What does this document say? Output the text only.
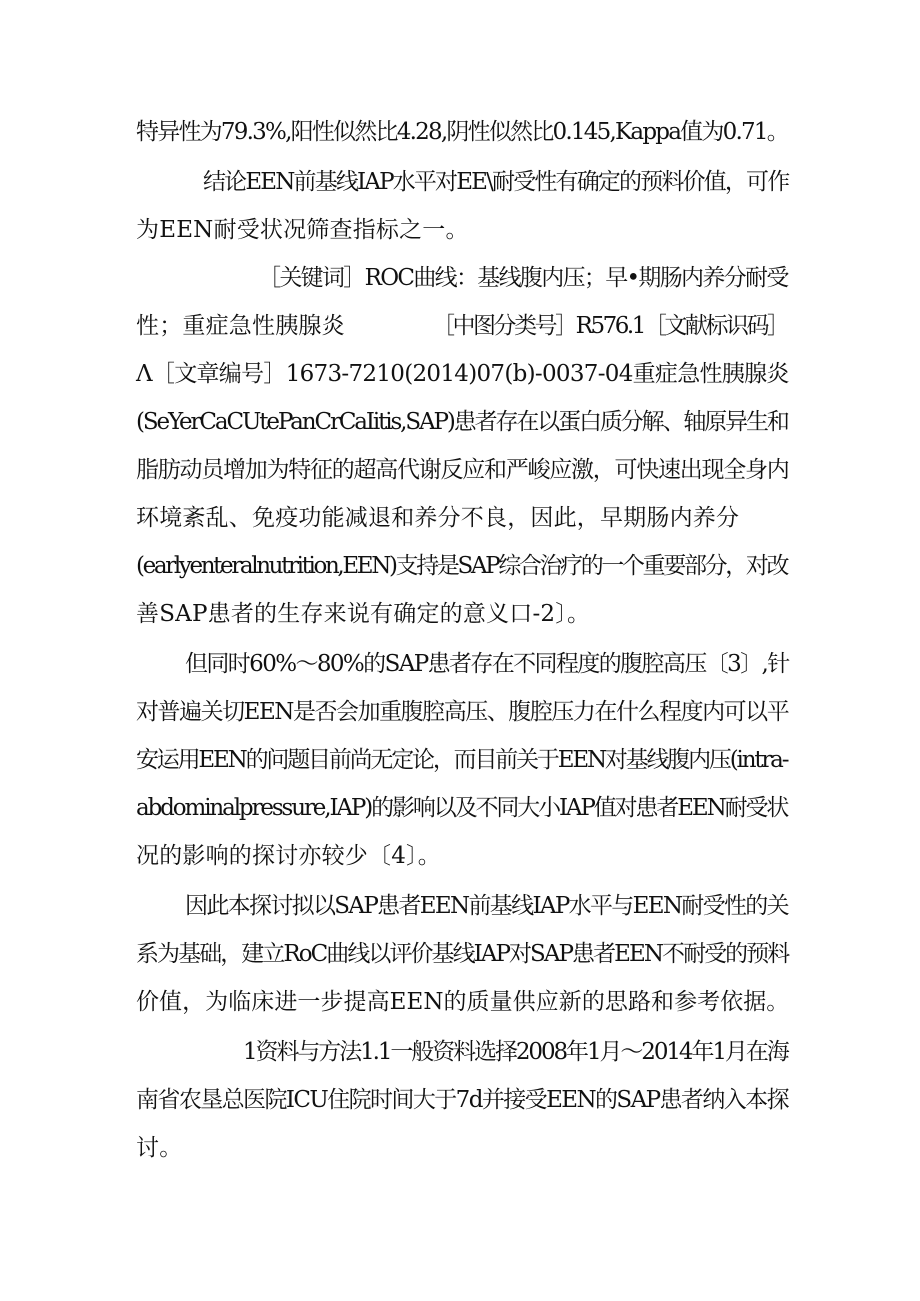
特异性为79.3%,阳性似然比4.28,阴性似然比0.145,Kappa值为0.71。
结论EEN前基线IAP水平对EE\耐受性有确定的预料价值，可作
为EEN耐受状况筛查指标之一。
［关键词］ROC曲线：基线腹内压；早•期肠内养分耐受
性；重症急性胰腺炎	［中图分类号］R576.1［文献标识码］
Λ［文章编号］1673-7210(2014)07(b)-0037-04重症急性胰腺炎
(SeYerCaCUtePanCrCaIitis,SAP)患者存在以蛋白质分解、轴原异生和
脂肪动员增加为特征的超高代谢反应和严峻应激，可快速出现全身内
环境紊乱、免疫功能减退和养分不良，因此，早期肠内养分
(earlyenteralnutrition,EEN)支持是SAP综合治疗的一个重要部分，对改
善SAP患者的生存来说有确定的意义口-2〕。
但同时60%～80%的SAP患者存在不同程度的腹腔高压〔3〕,针
对普遍关切EEN是否会加重腹腔高压、腹腔压力在什么程度内可以平
安运用EEN的问题目前尚无定论，而目前关于EEN对基线腹内压(intra-
abdominalpressure,IAP)的影响以及不同大小IAP值对患者EEN耐受状
况的影响的探讨亦较少〔4〕。
因此本探讨拟以SAP患者EEN前基线IAP水平与EEN耐受性的关
系为基础，建立RoC曲线以评价基线IAP对SAP患者EEN不耐受的预料
价值，为临床进一步提高EEN的质量供应新的思路和参考依据。
1资料与方法1.1一般资料选择2008年1月～2014年1月在海
南省农垦总医院ICU住院时间大于7d并接受EEN的SAP患者纳入本探
讨。
